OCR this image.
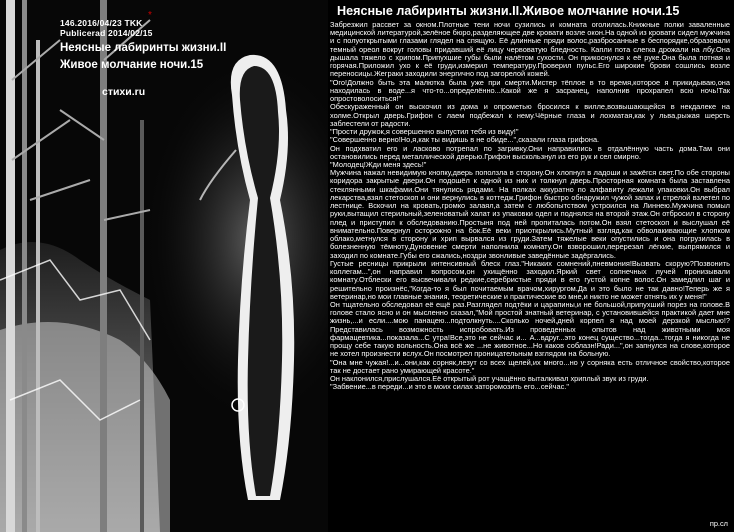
146.2016/04/23 TKK
Publicerad 2014/02/15
Неясные лабиринты жизни.II
Живое молчание ночи.15
стихи.ru
*	Неясные лабиринты жизни.II.Живое молчание ночи.15
Забрезжил рассвет за окном.Плотные тени ночи сузились и комната оголилась.Книжные полки заваленные медицинской литературой,зелёное бюро,разделяющее две кровати возле окон.На одной из кровати сидел мужчина и с полуоткрытыми глазами глядел на спящую. Её длинные пряди волос,разбросанные в беспорядке,образовали темный ореол вокруг головы придавший её лицу червоватую бледность. Капли пота слегка дрожали на лбу.Она дышала тяжело с хрипом.Припухшие губы были налётом сухости. Он прикоснулся к её руке.Она была потная и горячая.Приложил ухо к её груди,измерил температуру.Проверил пульс.Его широкие брови сошлись возле переносицы.Жеграки заходили энергично под загорелой кожей.
"Ого!Должно быть эта малютка была уже при смерти.Мистер тёплое в то время,которое я прикидываю,она находилась в воде...я что-то...определённо...Какой же я засранец, наполнив прохрапел всю ночь!Так опростоволоситься!"
Обескураженный он выскочил из дома и опрометью бросился к вилле,возвышающейся в некдалеке на холме.Открыл дверь.Грифон с лаем подбежал к нему.Чёрные глаза и лохматая,как у льва,рыжая шерсть заблестели от радости.
"Прости дружок,я совершенно выпустил тебя из виду!"
"Совершенно верно!Но,я,как ты видишь в не обиде...",сказали глаза грифона.
Он подхватил его и ласково потрепал по загривку.Они направились в отдалённую часть дома.Там они остановились перед металлической дверью.Грифон выскользнул из его рук и сел смирно.
"Молодец!Жди меня здесь!"
Мужчина нажал невидимую кнопку,дверь поползла в сторону.Он хлопнул в ладоши и зажёгся свет.По обе стороны коридора закрытые двери.Он подошёл к одной из них и толкнул дверь.Просторная комната была заставлена стеклянными шкафами.Они тянулись рядами. На полках аккуратно по алфавиту лежали упаковки.Он выбрал лекарства,взял стетоскоп и они вернулись в коттедж.Грифон быстро обнаружил чужой запах и стрелой взлетел по лестнице. Вскочил на кровать,громко залаял,а затем с любопытством устроился на Линнею.Мужчина помыл руки,вытащил стерильный,зеленоватый халат из упаковки одел и поднялся на второй этаж.Он отбросил в сторону плед и приступил к обследованию.Простыня под ней пропиталась потом.Он взял стетоскоп и выслушал её внимательно.Повернул осторожно на бок.Её веки приоткрылись.Мутный взгляд,как обволакивающие хлопком облако,метнулся в сторону и хрип вырвался из груди.Затем тяжелые веки опустились и она погрузилась в болезненную тёмноту.Дуновение смерти наполнила комнату.Он взворошил,перерезал лёгкие, выпрямился и заходил по комнате.Губы его сжались,ноздри звонливые заведённые задёргались.
Густые ресницы прикрыли интенсивный блеск глаз."Никаких сомнений,пневмония!Вызвать скорую?Позвонить коллегам...",он направил вопросом,он ухищённо заходил.Яркий свет солнечных лучей пронизывали комнату.Отблески его высвечивали редкие,серебристые пряди в его густой копне волос.Он замедлил шаг и решительно произнёс,"Когда-то я был почитаемым врачом,хирургом.Да и это было не так давно!Теперь же я ветеринар,но мои главные знания, теоретические и практические во мне,и никто не может отнять их у меня!"
Он тщательно обследовал её ещё раз.Разглядел подтёки и царапины,и не большой,припухший порез на голове.В голове стало ясно и он мысленно сказал,"Мой простой знатный ветеринар, с установившейся практикой дает мне жизнь,...и если....мою панацею...подтолкнуть....Сколько ночей,дней корпел я над моей дерзкой мыслью!?Представилась возможность испробовать.Из проведенных опытов над животными моя фармацевтика...показала...С утра!Все,это не сейчас и... А...вдруг...это конец существо...тогда...тогда я никогда не прощу себе такую вольность.Она всё же ...не животное...Но каков соблазн!Ради...",он запнулся на слове,которое не хотел произнести вслух.Он посмотрел проницательным взглядом на больную.
"Она мне чужая!...и...они,как сорняк,лезут со всех щелей,их много...но у сорняка есть отличное свойство,которое так не достает рано умирающей красоте."
Он наклонился,прислушался.Её открытый рот учащённо выталкивал хриплый звук из груди.
"Забвение...в переди...и это в моих силах заторомозить его...сейчас."
пр.сл
